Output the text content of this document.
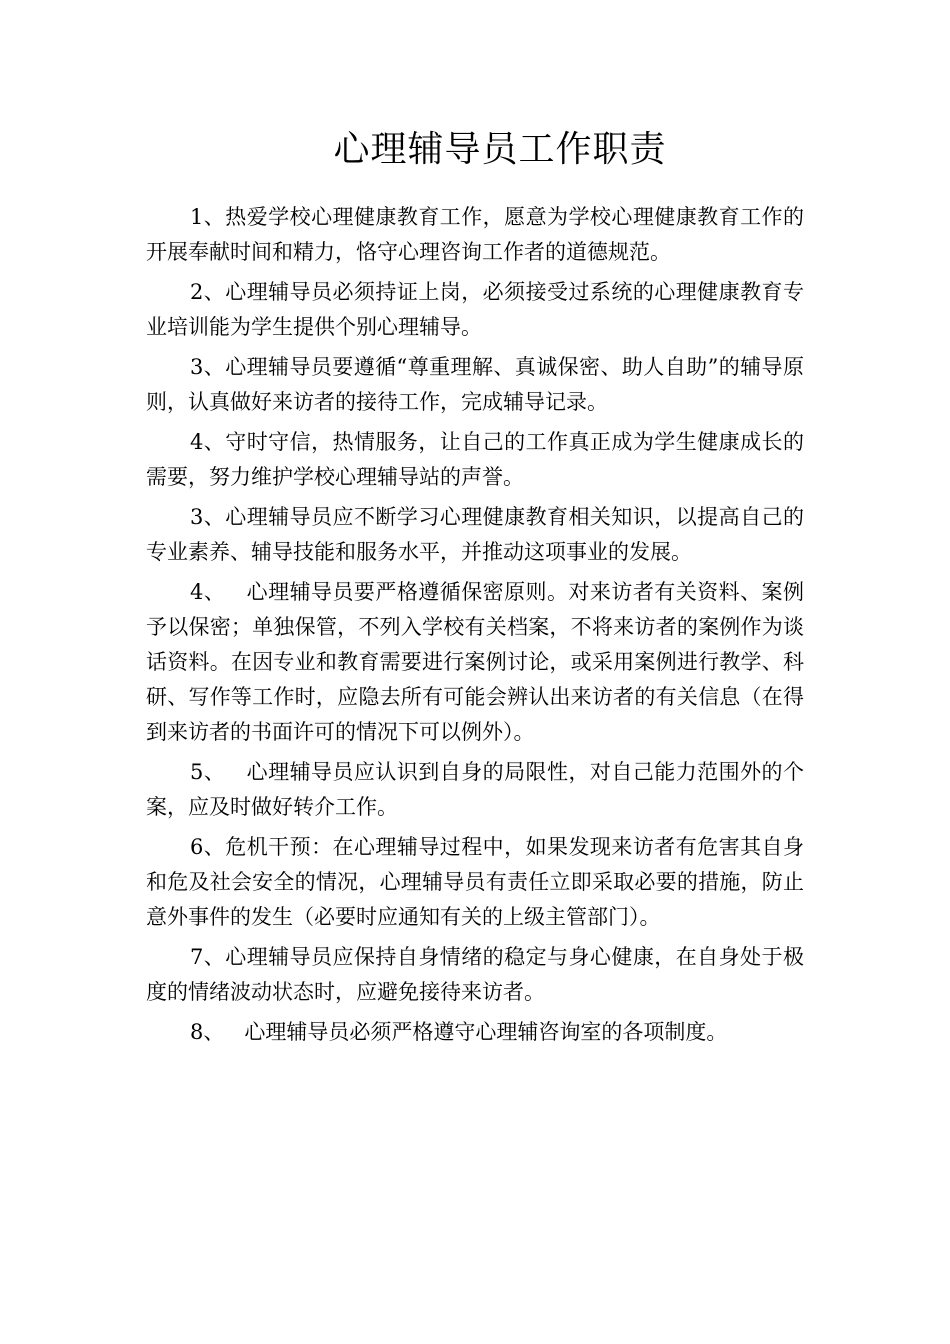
心理辅导员工作职责

1、热爱学校心理健康教育工作，愿意为学校心理健康教育工作的开展奉献时间和精力，恪守心理咨询工作者的道德规范。

2、心理辅导员必须持证上岗，必须接受过系统的心理健康教育专业培训能为学生提供个别心理辅导。

3、心理辅导员要遵循“尊重理解、真诚保密、助人自助”的辅导原则，认真做好来访者的接待工作，完成辅导记录。

4、守时守信，热情服务，让自己的工作真正成为学生健康成长的需要，努力维护学校心理辅导站的声誉。

3、心理辅导员应不断学习心理健康教育相关知识，以提高自己的专业素养、辅导技能和服务水平，并推动这项事业的发展。

4、   心理辅导员要严格遵循保密原则。对来访者有关资料、案例予以保密；单独保管，不列入学校有关档案，不将来访者的案例作为谈话资料。在因专业和教育需要进行案例讨论，或采用案例进行教学、科研、写作等工作时，应隐去所有可能会辨认出来访者的有关信息（在得到来访者的书面许可的情况下可以例外）。

5、   心理辅导员应认识到自身的局限性，对自己能力范围外的个案，应及时做好转介工作。

6、危机干预：在心理辅导过程中，如果发现来访者有危害其自身和危及社会安全的情况，心理辅导员有责任立即采取必要的措施，防止意外事件的发生（必要时应通知有关的上级主管部门）。

7、心理辅导员应保持自身情绪的稳定与身心健康，在自身处于极度的情绪波动状态时，应避免接待来访者。

8、   心理辅导员必须严格遵守心理辅咨询室的各项制度。
